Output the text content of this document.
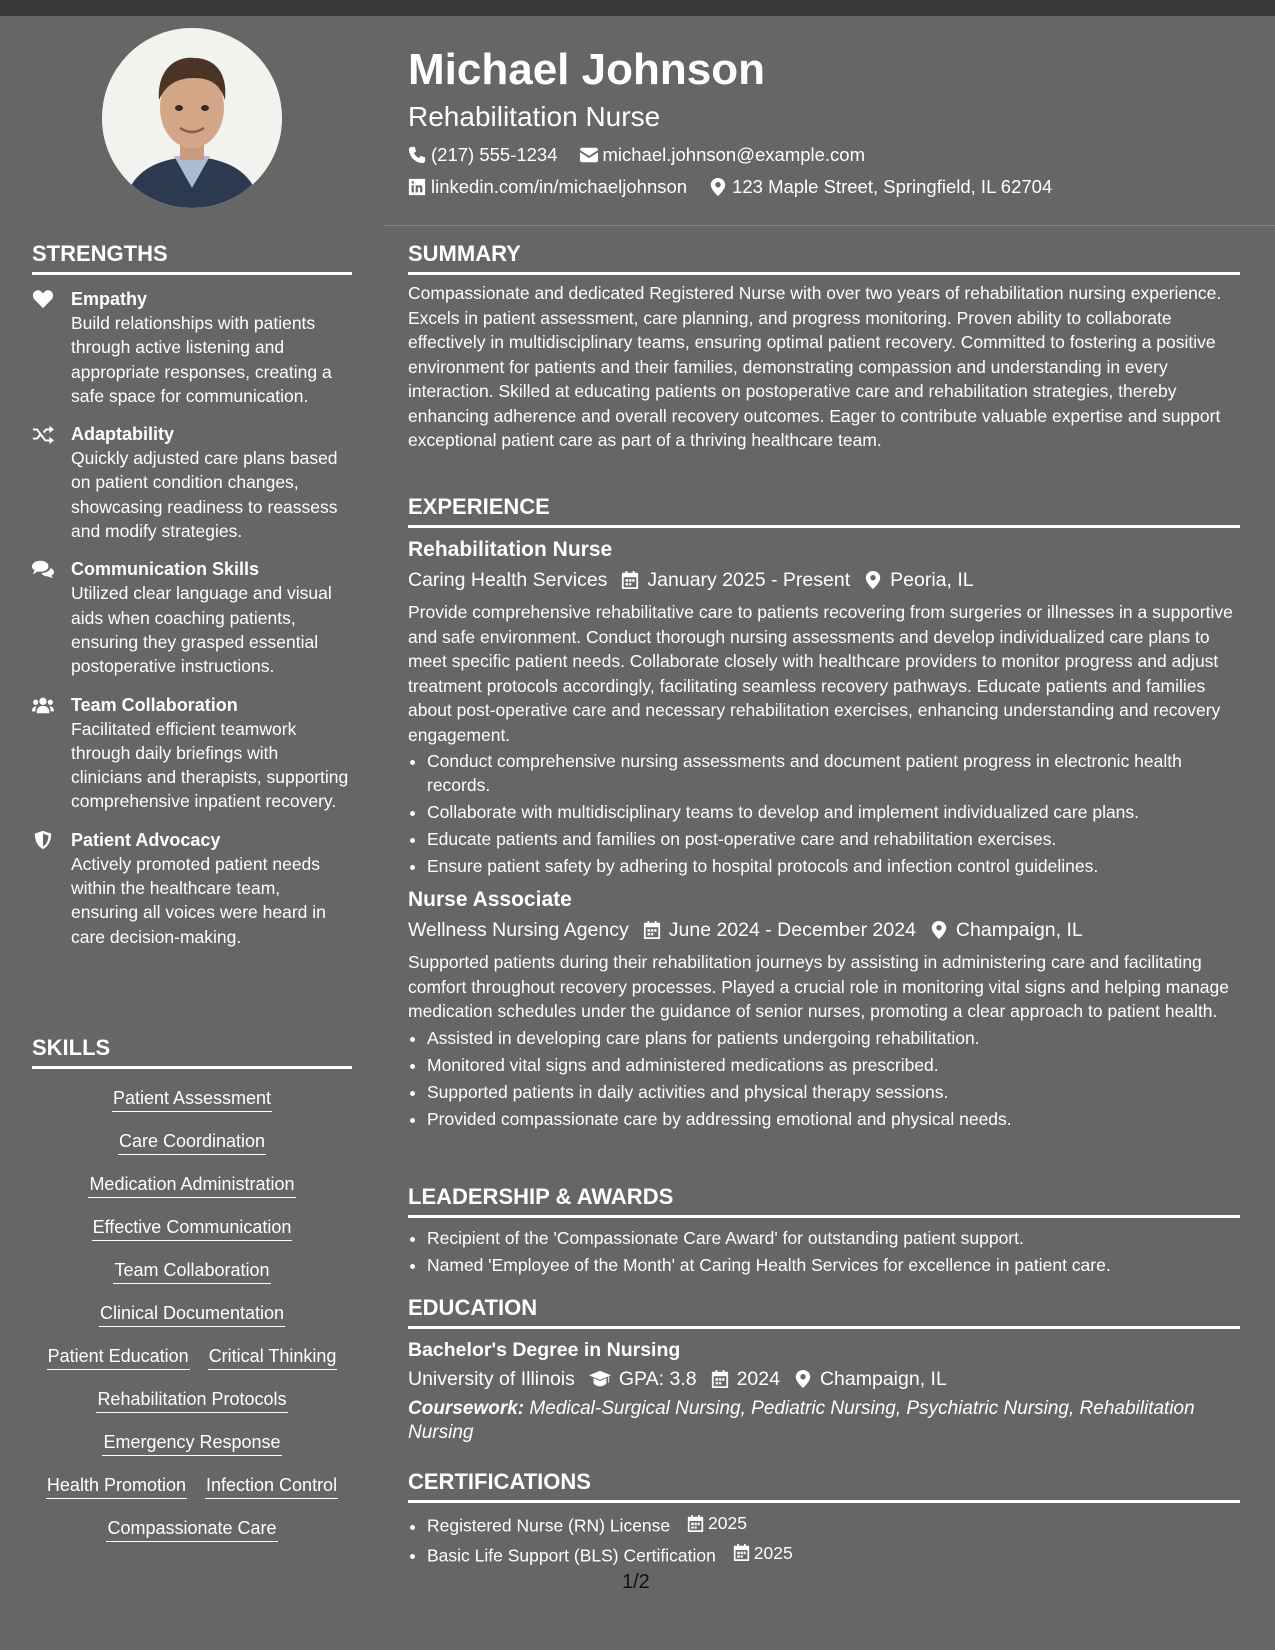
STRENGTHS
Empathy
Build relationships with patients through active listening and appropriate responses, creating a safe space for communication.
Adaptability
Quickly adjusted care plans based on patient condition changes, showcasing readiness to reassess and modify strategies.
Communication Skills
Utilized clear language and visual aids when coaching patients, ensuring they grasped essential postoperative instructions.
Team Collaboration
Facilitated efficient teamwork through daily briefings with clinicians and therapists, supporting comprehensive inpatient recovery.
Patient Advocacy
Actively promoted patient needs within the healthcare team, ensuring all voices were heard in care decision-making.
SKILLS
Patient Assessment
Care Coordination
Medication Administration
Effective Communication
Team Collaboration
Clinical Documentation
Patient Education Critical Thinking
Rehabilitation Protocols
Emergency Response
Health Promotion Infection Control
Compassionate Care
Michael Johnson
Rehabilitation Nurse
(217) 555-1234 michael.johnson@example.com
linkedin.com/in/michaeljohnson 123 Maple Street, Springfield, IL 62704
SUMMARY

Compassionate and dedicated Registered Nurse with over two years of rehabilitation nursing experience. Excels in patient assessment, care planning, and progress monitoring. Proven ability to collaborate effectively in multidisciplinary teams, ensuring optimal patient recovery. Committed to fostering a positive environment for patients and their families, demonstrating compassion and understanding in every interaction. Skilled at educating patients on postoperative care and rehabilitation strategies, thereby enhancing adherence and overall recovery outcomes. Eager to contribute valuable expertise and support exceptional patient care as part of a thriving healthcare team.

EXPERIENCE
Rehabilitation Nurse
Caring Health Services January 2025 - Present Peoria, IL

Provide comprehensive rehabilitative care to patients recovering from surgeries or illnesses in a supportive and safe environment. Conduct thorough nursing assessments and develop individualized care plans to meet specific patient needs. Collaborate closely with healthcare providers to monitor progress and adjust treatment protocols accordingly, facilitating seamless recovery pathways. Educate patients and families about post-operative care and necessary rehabilitation exercises, enhancing understanding and recovery engagement.

• Conduct comprehensive nursing assessments and document patient progress in electronic health records.
• Collaborate with multidisciplinary teams to develop and implement individualized care plans.
• Educate patients and families on post-operative care and rehabilitation exercises.
• Ensure patient safety by adhering to hospital protocols and infection control guidelines.
Nurse Associate
Wellness Nursing Agency June 2024 - December 2024 Champaign, IL

Supported patients during their rehabilitation journeys by assisting in administering care and facilitating comfort throughout recovery processes. Played a crucial role in monitoring vital signs and helping manage medication schedules under the guidance of senior nurses, promoting a clear approach to patient health.

• Assisted in developing care plans for patients undergoing rehabilitation.
• Monitored vital signs and administered medications as prescribed.
• Supported patients in daily activities and physical therapy sessions.
• Provided compassionate care by addressing emotional and physical needs.
LEADERSHIP & AWARDS
• Recipient of the 'Compassionate Care Award' for outstanding patient support.
• Named 'Employee of the Month' at Caring Health Services for excellence in patient care.
EDUCATION
Bachelor's Degree in Nursing
University of Illinois GPA: 3.8 2024 Champaign, IL
Coursework: Medical-Surgical Nursing, Pediatric Nursing, Psychiatric Nursing, Rehabilitation Nursing
CERTIFICATIONS
• Registered Nurse (RN) License 2025
• Basic Life Support (BLS) Certification 2025
1/2
